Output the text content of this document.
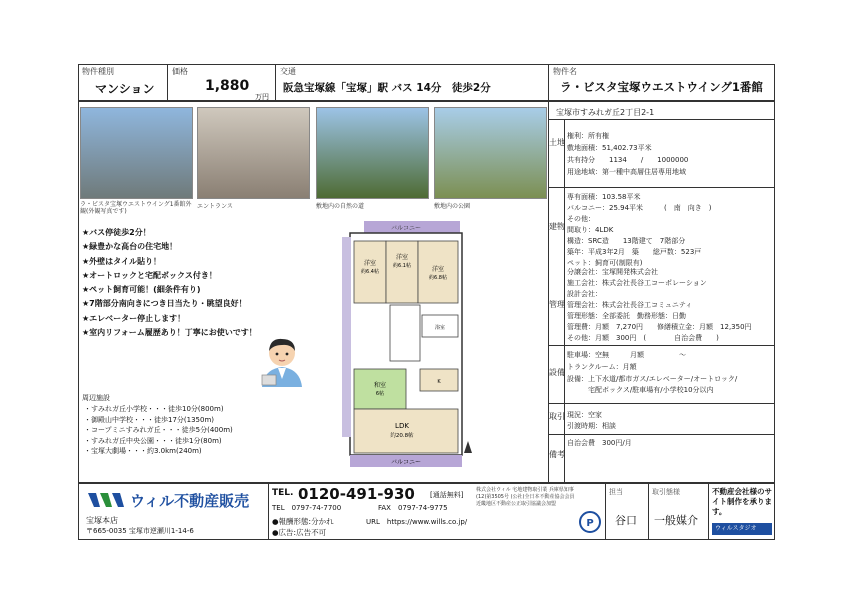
物件種別
マンション
価格
1,880
万円
交通
阪急宝塚線「宝塚」駅 バス 14分　徒歩2分
物件名
ラ・ビスタ宝塚ウエストウイング1番館
ラ・ビスタ宝塚ウエストウイング1番館外観(外観写真です)
エントランス	敷地内の自然の道	敷地内の公園
★バス停徒歩2分！
★緑豊かな高台の住宅地！
★外壁はタイル貼り！
★オートロックと宅配ボックス付き！
★ペット飼育可能！(細条件有り)
★7階部分南向きにつき日当たり・眺望良好！
★エレベーター停止します！
★室内リフォーム履歴あり！丁寧にお使いです！
周辺施設
・すみれガ丘小学校・・・徒歩10分(800m)
・御殿山中学校・・・徒歩17分(1350m)
・コープミニすみれガ丘・・・徒歩5分(400m)
・すみれガ丘中央公園・・・徒歩1分(80m)
・宝塚大劇場・・・約3.0km(240m)
バルコニー
洋室
約6.4帖
洋室
約6.1帖	洋室
約6.8帖
浴室
和室
6帖
K
LDK
約20.8帖
バルコニー
宝塚市すみれガ丘2丁目2-1
土地
権利：所有権
敷地面積：51,402.73平米
共有持分　　1134　　/　　1000000
用途地域：第一種中高層住居専用地域
建物
専有面積：103.58平米
バルコニー：25.94平米　　　(　南　向き　)
その他：
間取り：4LDK
構造：SRC造　　13階建て　7階部分
築年：平成3年2月　築　　総戸数：523戸
ペット：飼育可(制限有)
管理
分譲会社：宝塚開発株式会社
施工会社：株式会社長谷工コーポレーション
設計会社：
管理会社：株式会社長谷工コミュニティ
管理形態：全部委託　勤務形態：日勤
管理費：月額　7,270円　　修繕積立金：月額　12,350円
その他：月額　300円　(　　　　自治会費　　)
設備
駐車場：空無　　　月額　　　　　～
トランクルーム：月額
設備：上下水道/都市ガス/エレベーター/オートロック/
　　　宅配ボックス/駐車場有/小学校10分以内
取引 現況：空家
引渡時期：相談
備考
自治会費　300円/月
ウィル不動産販売
宝塚本店
〒665-0035 宝塚市逆瀬川1-14-6
TEL. 0120-491-930 [通話無料]
TEL　0797-74-7700	FAX　0797-74-9775
●報酬形態:分かれ
●広告:広告不可
URL　https://www.wills.co.jp/
株式会社ウィル 宅地建物取引業 兵庫県知事(12)第3505号 (公社)全日本不動産協会会員 近畿地区不動産公正取引協議会加盟
P
担当
谷口
取引態様
一般媒介
不動産会社様のサイト制作を承ります。
ウィルスタジオ
